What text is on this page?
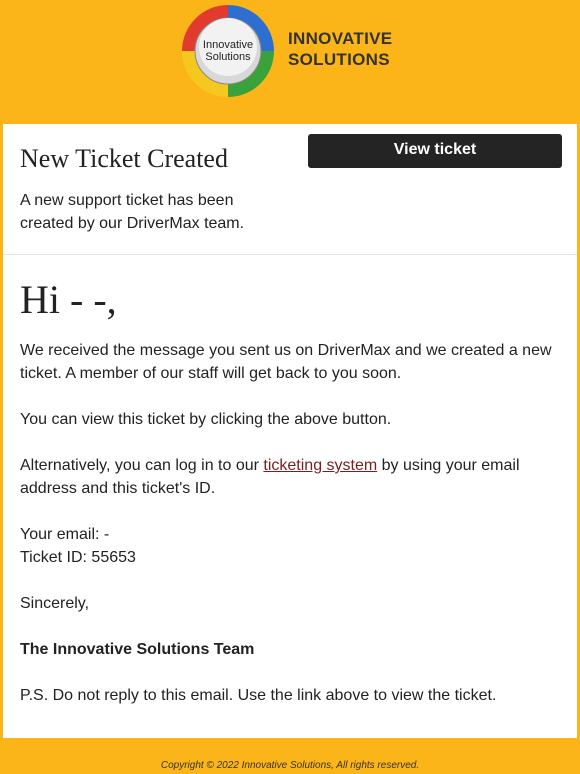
Innovative
Solutions
INNOVATIVE
SOLUTIONS
New Ticket Created	View ticket

A new support ticket has been created by our DriverMax team.

Hi - -,

We received the message you sent us on DriverMax and we created a new ticket. A member of our staff will get back to you soon.

You can view this ticket by clicking the above button.

Alternatively, you can log in to our ticketing system by using your email address and this ticket's ID.

Your email: -
Ticket ID: 55653

Sincerely,

The Innovative Solutions Team

P.S. Do not reply to this email. Use the link above to view the ticket.

Copyright © 2022 Innovative Solutions, All rights reserved.
